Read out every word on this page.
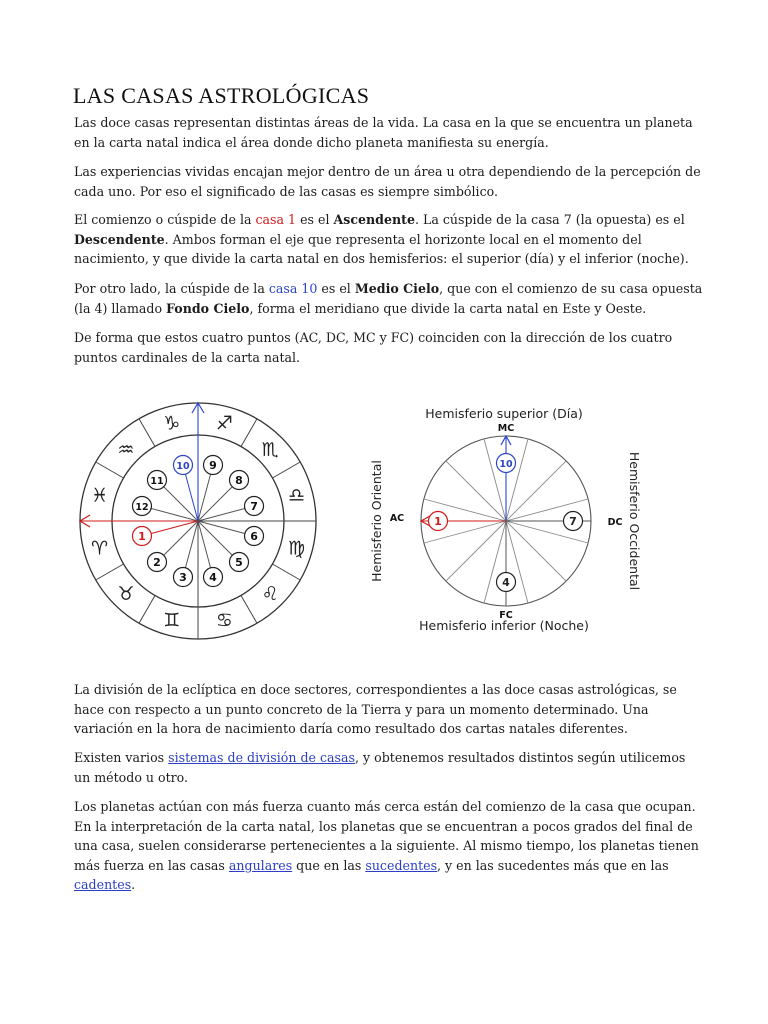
LAS CASAS ASTROLÓGICAS

Las doce casas representan distintas áreas de la vida. La casa en la que se encuentra un planeta en la carta natal indica el área donde dicho planeta manifiesta su energía.

Las experiencias vividas encajan mejor dentro de un área u otra dependiendo de la percepción de cada uno. Por eso el significado de las casas es siempre simbólico.

El comienzo o cúspide de la casa 1 es el Ascendente. La cúspide de la casa 7 (la opuesta) es el Descendente. Ambos forman el eje que representa el horizonte local en el momento del nacimiento, y que divide la carta natal en dos hemisferios: el superior (día) y el inferior (noche).

Por otro lado, la cúspide de la casa 10 es el Medio Cielo, que con el comienzo de su casa opuesta (la 4) llamado Fondo Cielo, forma el meridiano que divide la carta natal en Este y Oeste.

De forma que estos cuatro puntos (AC, DC, MC y FC) coinciden con la dirección de los cuatro puntos cardinales de la carta natal.

♈︎
♉︎
♊︎ ♋︎
♌︎
♍︎
♎︎
♏︎
♐︎
♑︎
♒︎
♓︎
1
2
3 4
5
6
7
8
9
10
11
12
Hemisferio superior (Día)
MC
Hemisferio inferior (Noche)
FC
AC	DC
Hemisferio Oriental	Hemisferio Occidental
1
10
7
4

La división de la eclíptica en doce sectores, correspondientes a las doce casas astrológicas, se hace con respecto a un punto concreto de la Tierra y para un momento determinado. Una variación en la hora de nacimiento daría como resultado dos cartas natales diferentes.

Existen varios sistemas de división de casas, y obtenemos resultados distintos según utilicemos un método u otro.

Los planetas actúan con más fuerza cuanto más cerca están del comienzo de la casa que ocupan. En la interpretación de la carta natal, los planetas que se encuentran a pocos grados del final de una casa, suelen considerarse pertenecientes a la siguiente. Al mismo tiempo, los planetas tienen más fuerza en las casas angulares que en las sucedentes, y en las sucedentes más que en las cadentes.
